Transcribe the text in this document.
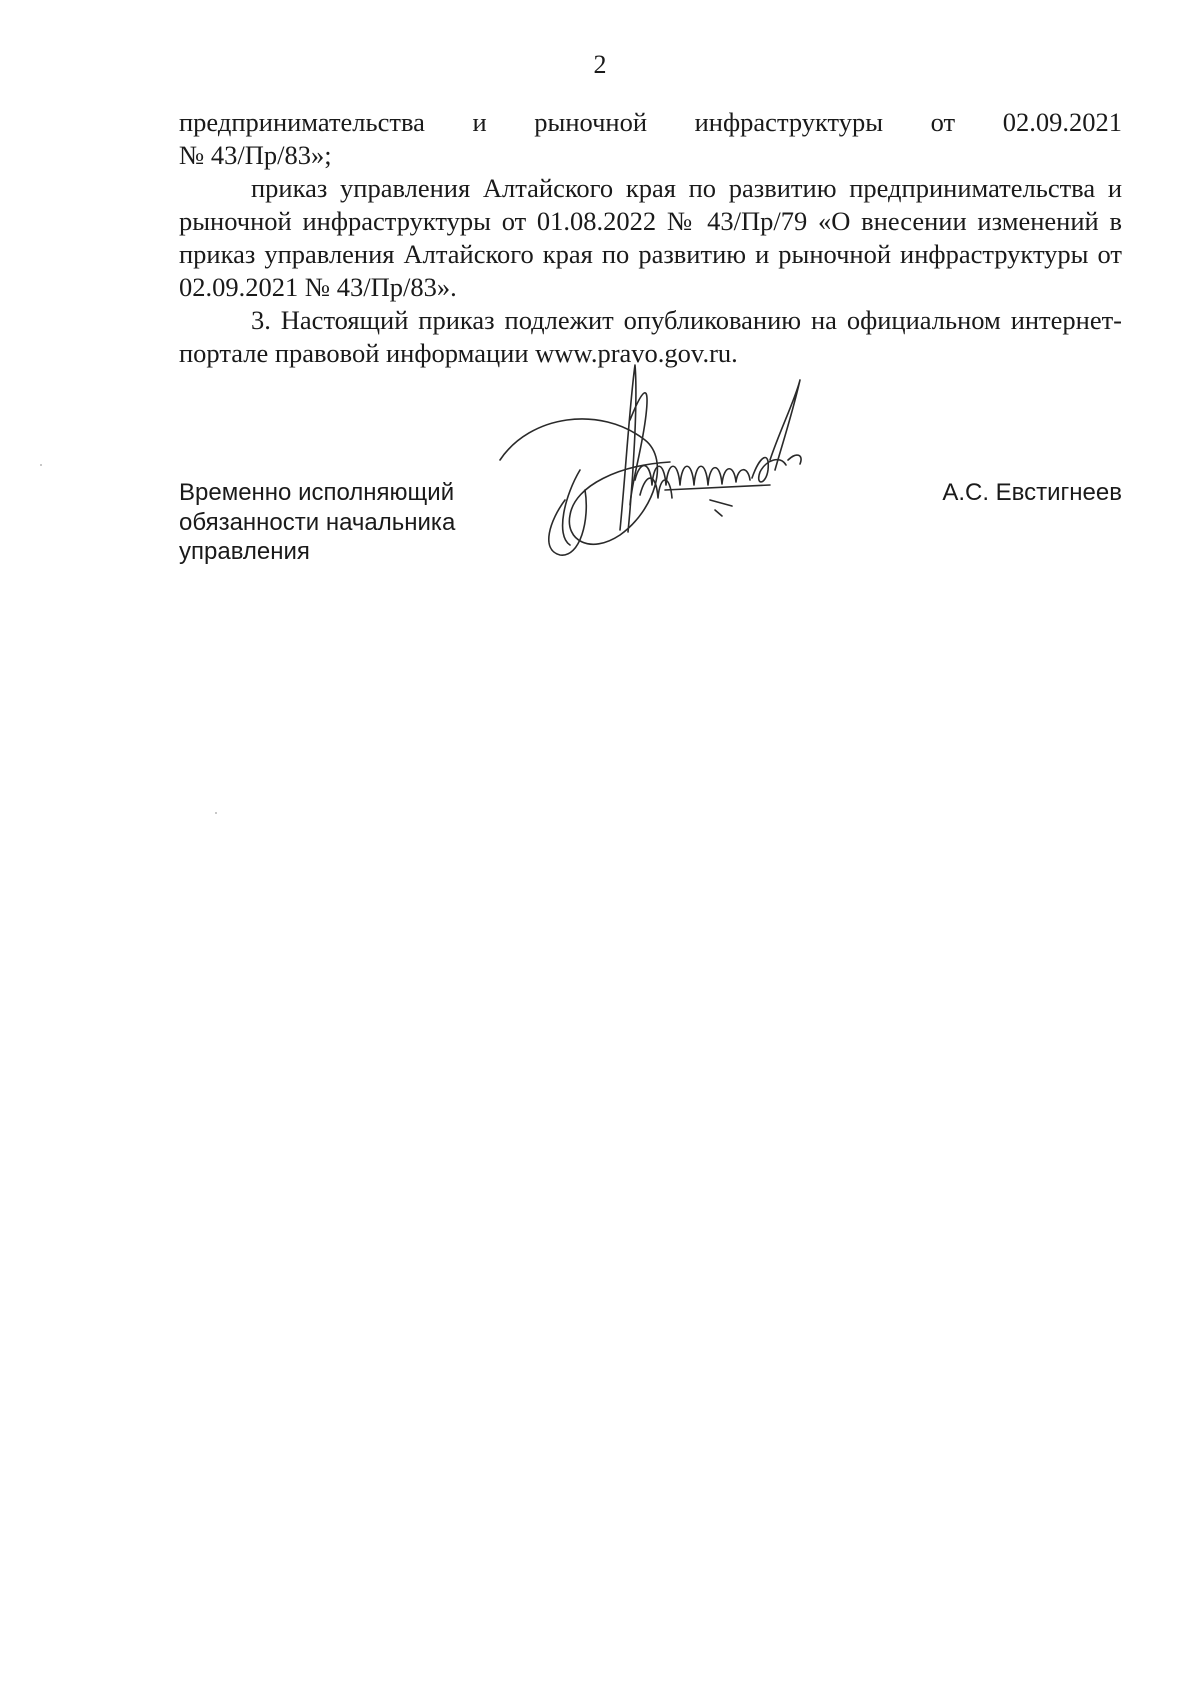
2

предпринимательства и рыночной инфраструктуры от 02.09.2021

№ 43/Пр/83»;

приказ управления Алтайского края по развитию предпринимательства и рыночной инфраструктуры от 01.08.2022 № 43/Пр/79 «О внесении изменений в приказ управления Алтайского края по развитию и рыночной инфраструктуры от 02.09.2021 № 43/Пр/83».

3. Настоящий приказ подлежит опубликованию на официальном интернет-портале правовой информации www.pravo.gov.ru.

Временно исполняющий
обязанности начальника
управления
А.С. Евстигнеев
